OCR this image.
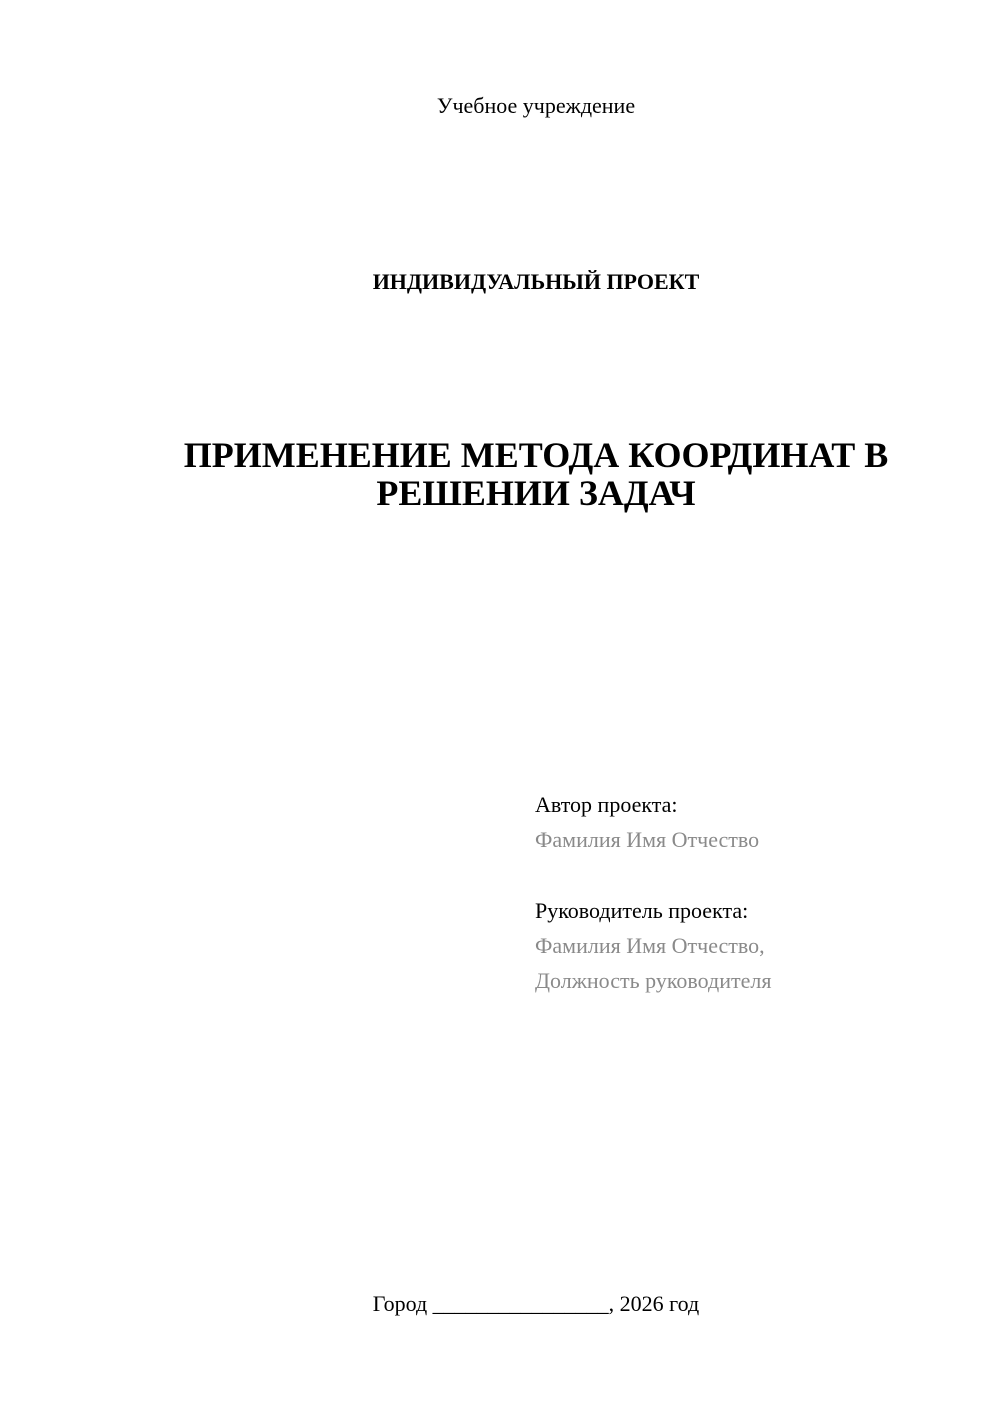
Учебное учреждение
ИНДИВИДУАЛЬНЫЙ ПРОЕКТ
ПРИМЕНЕНИЕ МЕТОДА КООРДИНАТ В
РЕШЕНИИ ЗАДАЧ
Автор проекта:
Фамилия Имя Отчество
Руководитель проекта:
Фамилия Имя Отчество,
Должность руководителя
Город ________________, 2026 год
